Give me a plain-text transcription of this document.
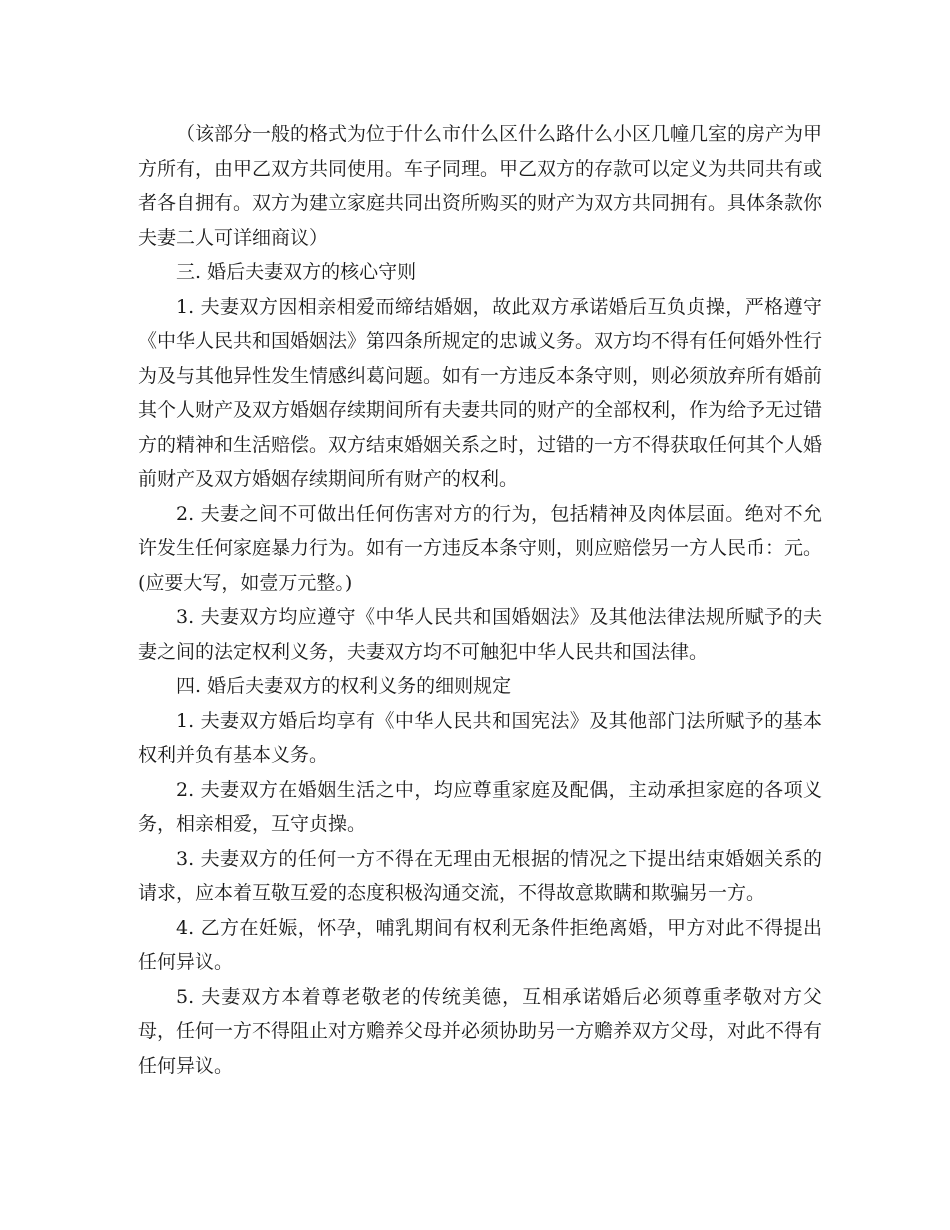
（该部分一般的格式为位于什么市什么区什么路什么小区几幢几室的房产为甲方所有，由甲乙双方共同使用。车子同理。甲乙双方的存款可以定义为共同共有或者各自拥有。双方为建立家庭共同出资所购买的财产为双方共同拥有。具体条款你夫妻二人可详细商议）

三. 婚后夫妻双方的核心守则

1. 夫妻双方因相亲相爱而缔结婚姻，故此双方承诺婚后互负贞操，严格遵守《中华人民共和国婚姻法》第四条所规定的忠诚义务。双方均不得有任何婚外性行为及与其他异性发生情感纠葛问题。如有一方违反本条守则，则必须放弃所有婚前其个人财产及双方婚姻存续期间所有夫妻共同的财产的全部权利，作为给予无过错方的精神和生活赔偿。双方结束婚姻关系之时，过错的一方不得获取任何其个人婚前财产及双方婚姻存续期间所有财产的权利。

2. 夫妻之间不可做出任何伤害对方的行为，包括精神及肉体层面。绝对不允许发生任何家庭暴力行为。如有一方违反本条守则，则应赔偿另一方人民币：元。(应要大写，如壹万元整。)

3. 夫妻双方均应遵守《中华人民共和国婚姻法》及其他法律法规所赋予的夫妻之间的法定权利义务，夫妻双方均不可触犯中华人民共和国法律。

四. 婚后夫妻双方的权利义务的细则规定

1. 夫妻双方婚后均享有《中华人民共和国宪法》及其他部门法所赋予的基本权利并负有基本义务。

2. 夫妻双方在婚姻生活之中，均应尊重家庭及配偶，主动承担家庭的各项义务，相亲相爱，互守贞操。

3. 夫妻双方的任何一方不得在无理由无根据的情况之下提出结束婚姻关系的请求，应本着互敬互爱的态度积极沟通交流，不得故意欺瞒和欺骗另一方。

4. 乙方在妊娠，怀孕，哺乳期间有权利无条件拒绝离婚，甲方对此不得提出任何异议。

5. 夫妻双方本着尊老敬老的传统美德，互相承诺婚后必须尊重孝敬对方父母，任何一方不得阻止对方赡养父母并必须协助另一方赡养双方父母，对此不得有任何异议。
